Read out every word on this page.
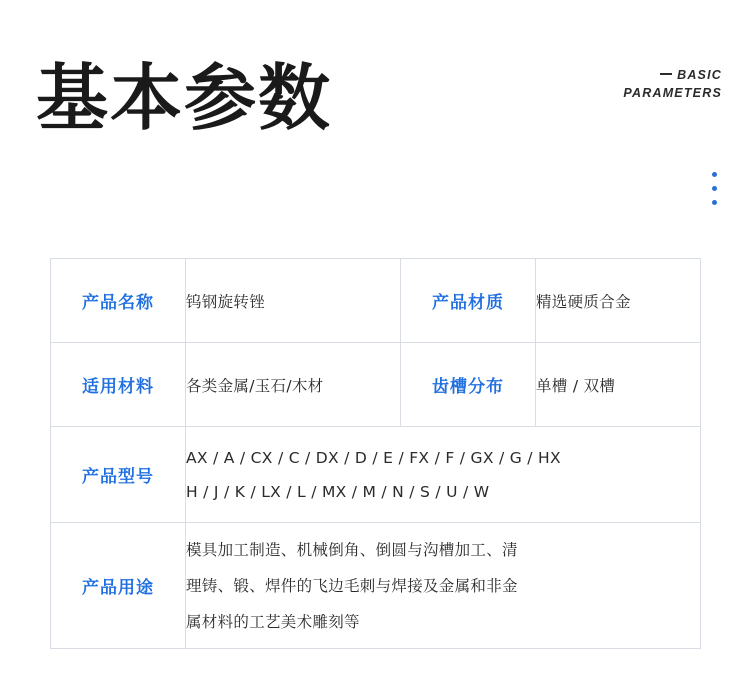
基本参数	BASIC
PARAMETERS
产品名称	钨钢旋转锉	产品材质	精选硬质合金
适用材料	各类金属/玉石/木材	齿槽分布	单槽 / 双槽
产品型号	AX / A / CX / C / DX / D / E / FX / F / GX / G / HX
H / J / K / LX / L / MX / M / N / S / U / W		

产品用途	模具加工制造、机械倒角、倒圆与沟槽加工、清
理铸、锻、焊件的飞边毛刺与焊接及金属和非金
属材料的工艺美术雕刻等		
